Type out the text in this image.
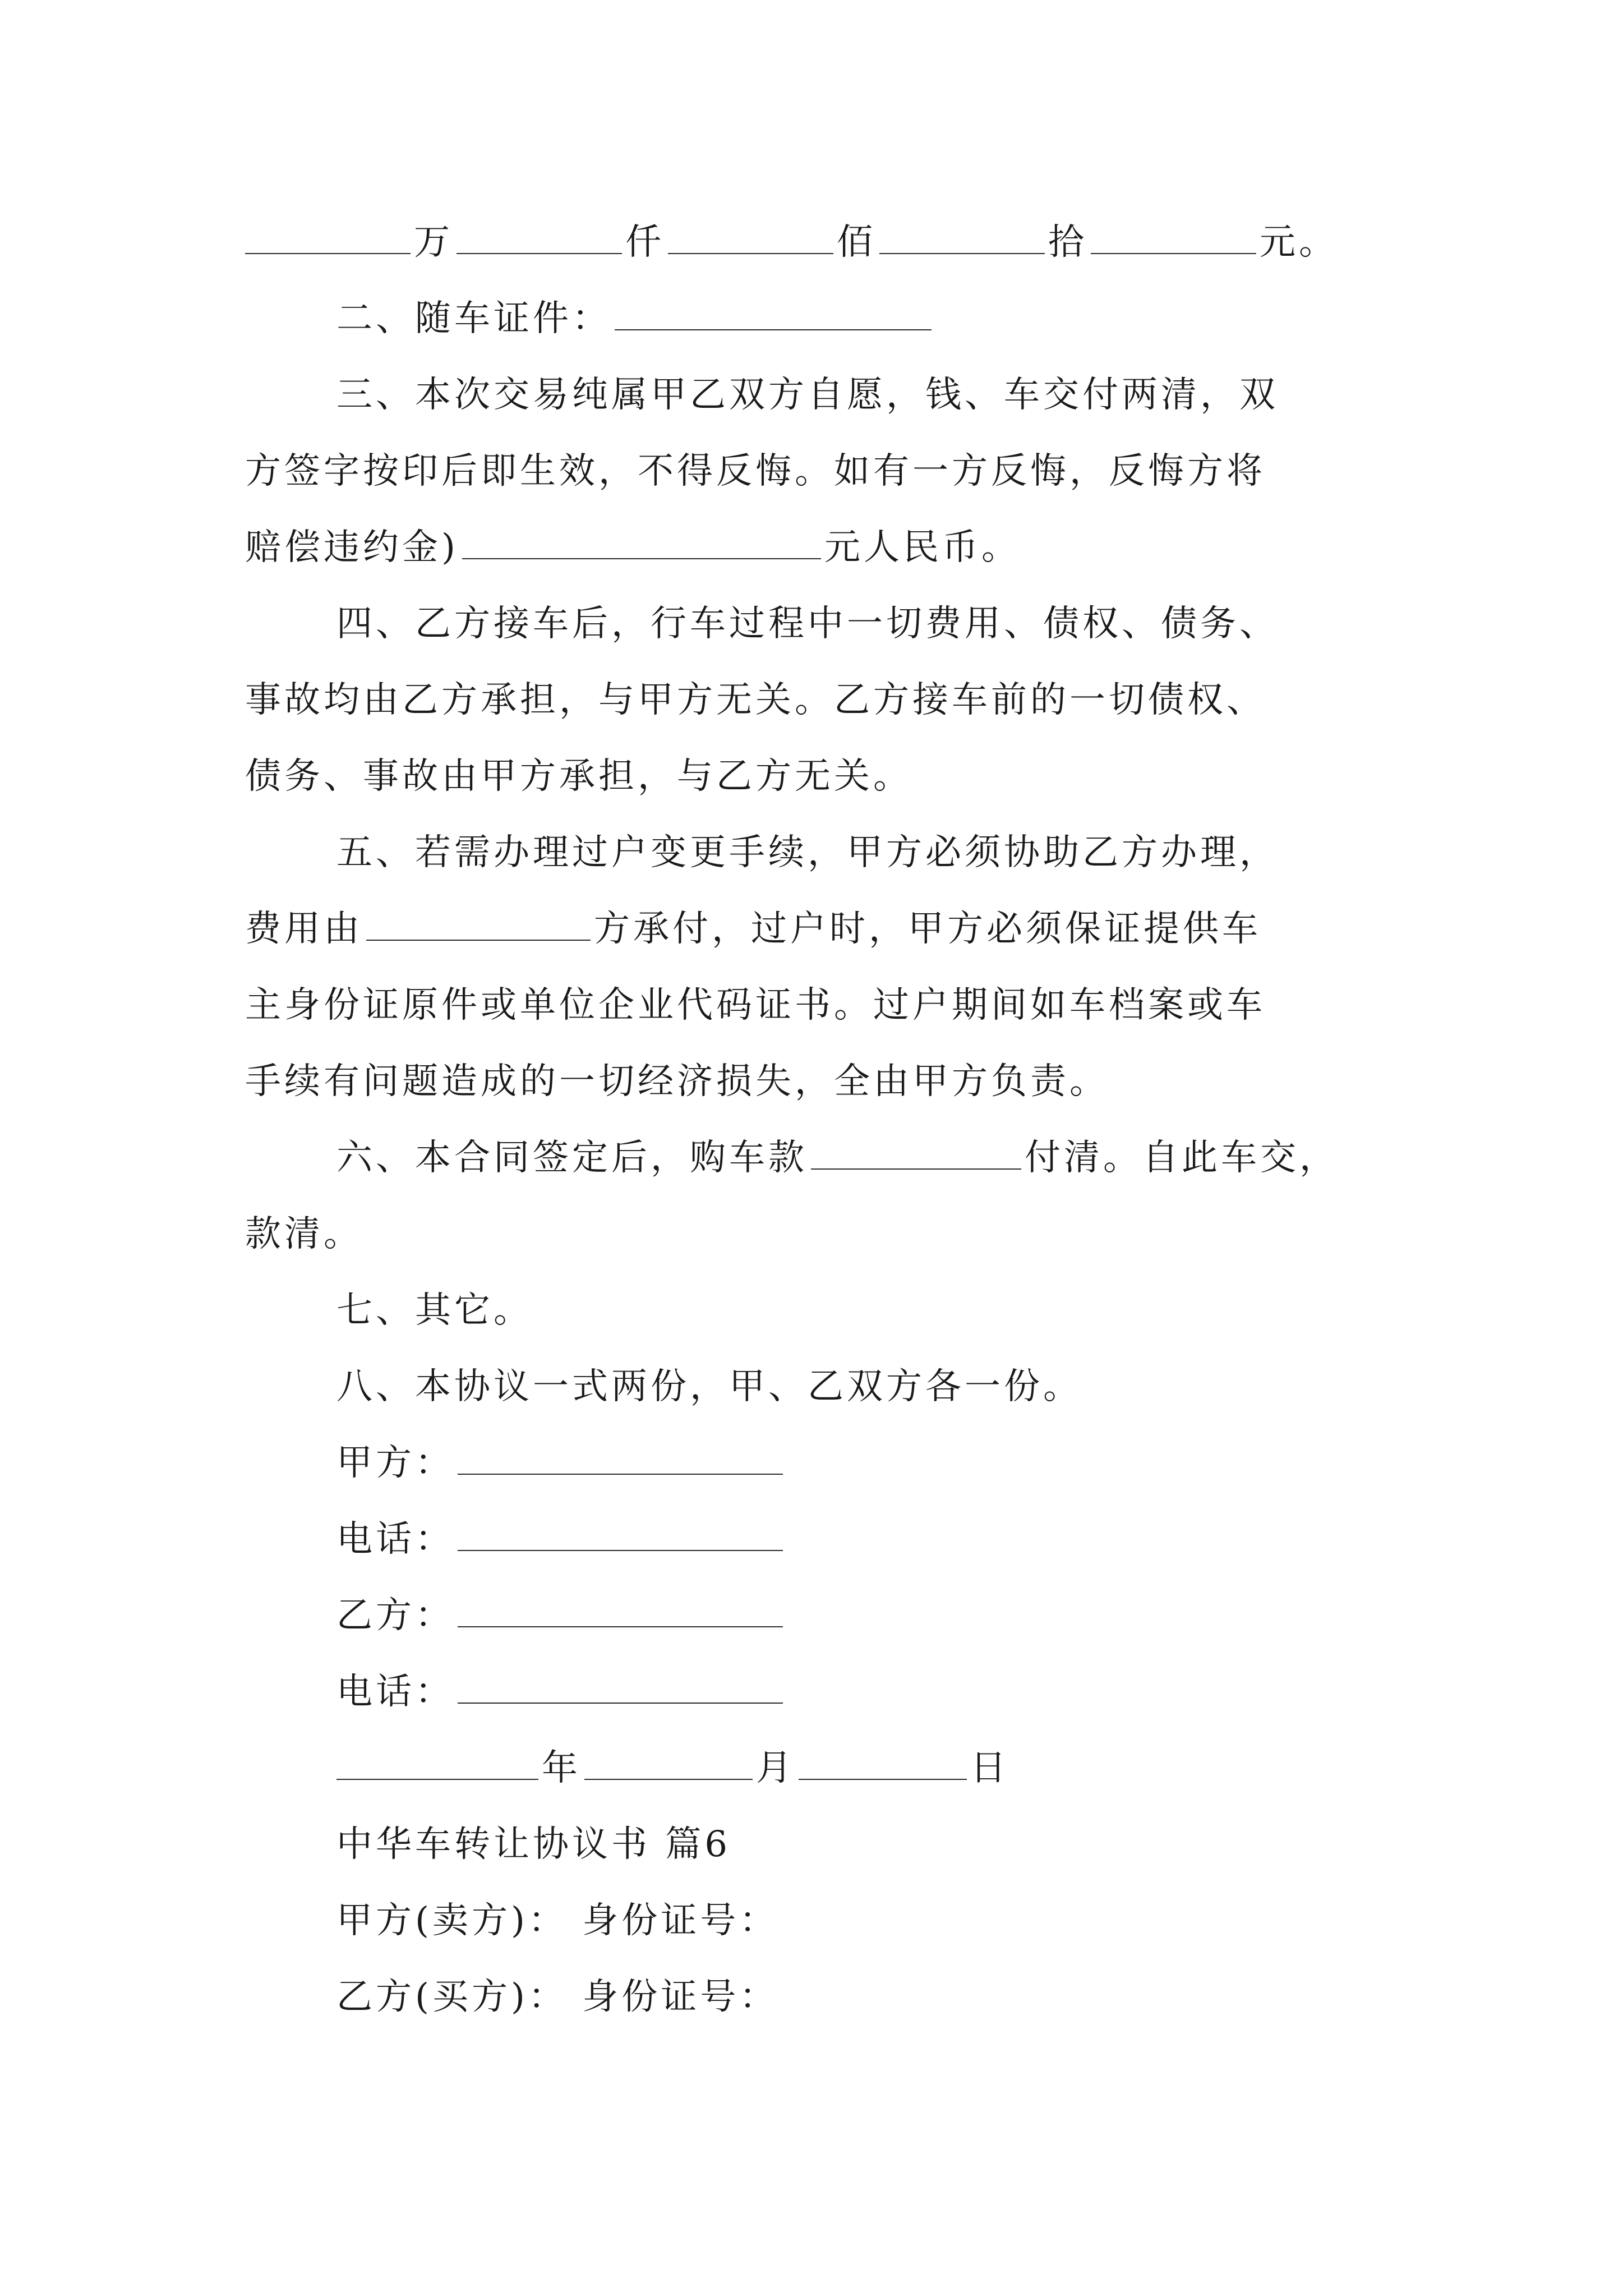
万	仟	佰	拾	元。
二、随车证件：
三、本次交易纯属甲乙双方自愿，钱、车交付两清，双
方签字按印后即生效，不得反悔。如有一方反悔，反悔方将
赔偿违约金)	元人民币。
四、乙方接车后，行车过程中一切费用、债权、债务、
事故均由乙方承担，与甲方无关。乙方接车前的一切债权、
债务、事故由甲方承担，与乙方无关。
五、若需办理过户变更手续，甲方必须协助乙方办理，
费用由	方承付，过户时，甲方必须保证提供车
主身份证原件或单位企业代码证书。过户期间如车档案或车
手续有问题造成的一切经济损失，全由甲方负责。
六、本合同签定后，购车款	付清。自此车交，
款清。
七、其它。
八、本协议一式两份，甲、乙双方各一份。
甲方：
电话：
乙方：
电话：
年	月	日
中华车转让协议书 篇6
甲方(卖方)： 身份证号：
乙方(买方)： 身份证号：
